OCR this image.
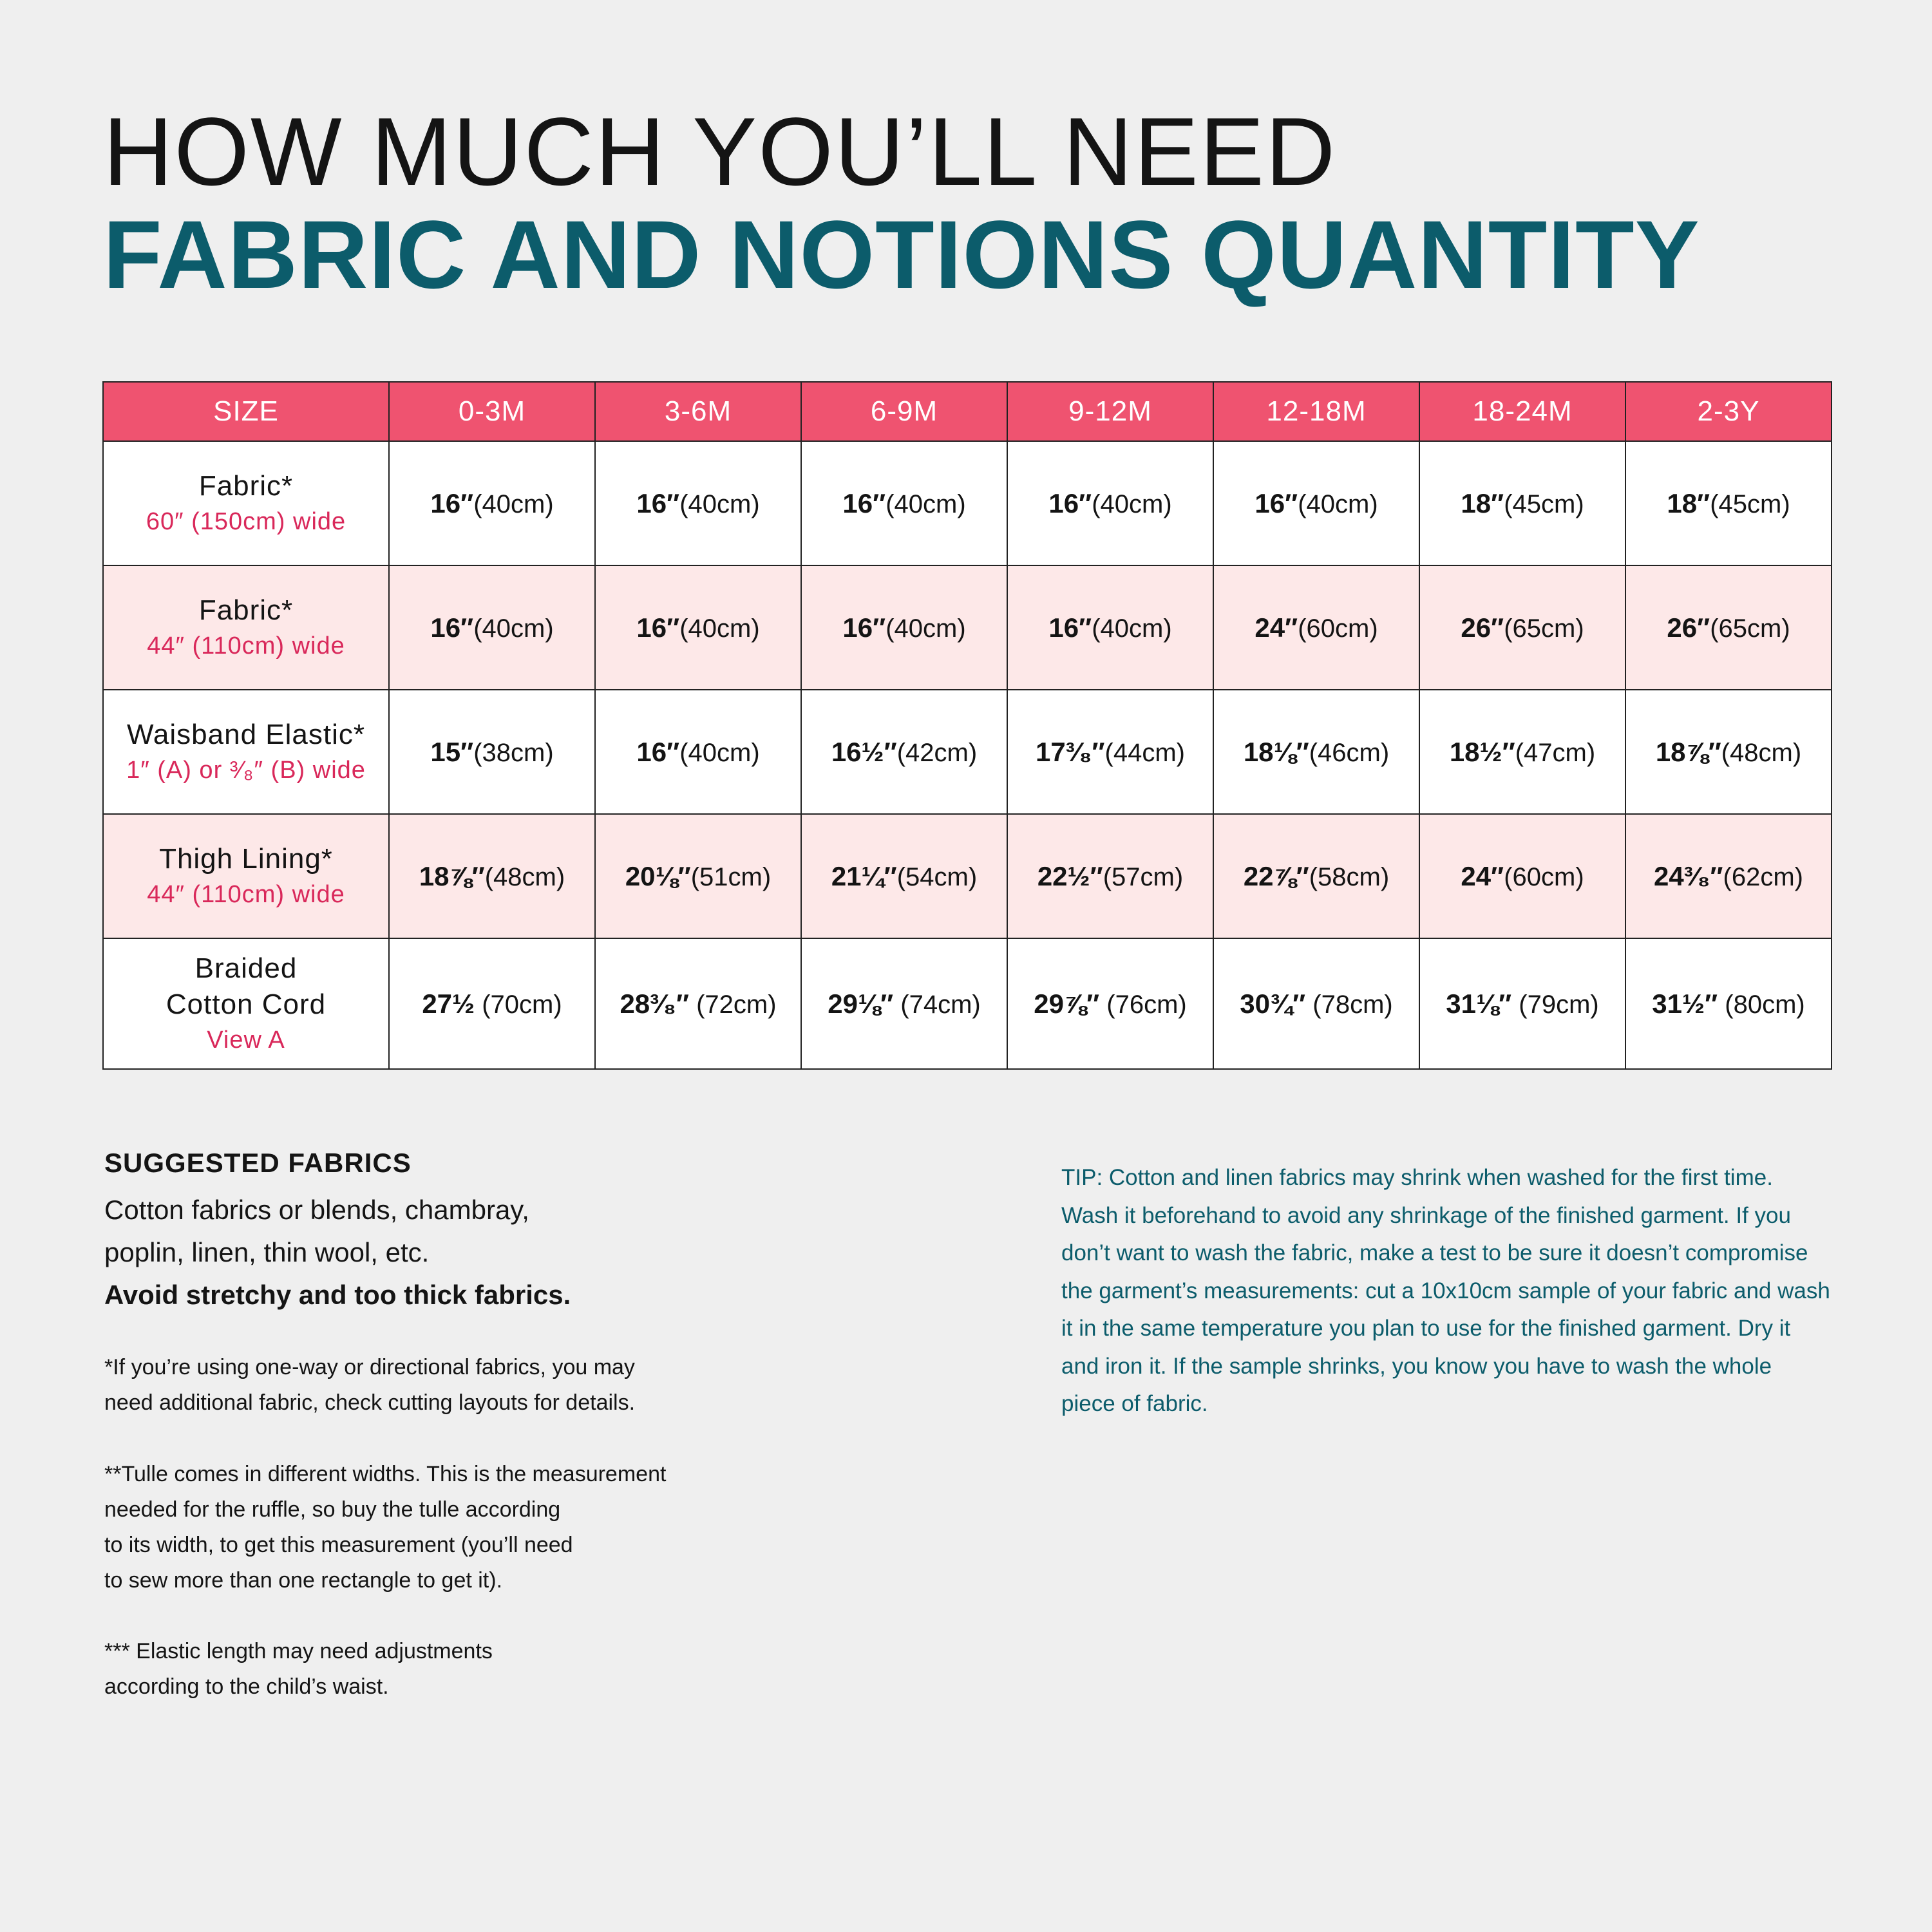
HOW MUCH YOU’LL NEED
FABRIC AND NOTIONS QUANTITY
SIZE	0-3M	3-6M	6-9M	9-12M	12-18M	18-24M	2-3Y

Fabric*
60″ (150cm) wide	16″(40cm)	16″(40cm)	16″(40cm)	16″(40cm)	16″(40cm)	18″(45cm)	18″(45cm)

Fabric*
44″ (110cm) wide	16″(40cm)	16″(40cm)	16″(40cm)	16″(40cm)	24″(60cm)	26″(65cm)	26″(65cm)

Waisband Elastic*
1″ (A) or ³⁄₈″ (B) wide	15″(38cm)	16″(40cm)	16½″(42cm)	17³⁄₈″(44cm)	18⅛″(46cm)	18½″(47cm)	18⅞″(48cm)

Thigh Lining*
44″ (110cm) wide	18⅞″(48cm)	20⅛″(51cm)	21¼″(54cm)	22½″(57cm)	22⅞″(58cm)	24″(60cm)	24³⁄₈″(62cm)

Braided
Cotton Cord
View A	27½ (70cm)	28³⁄₈″ (72cm)	29⅛″ (74cm)	29⅞″ (76cm)	30¾″ (78cm)	31⅛″ (79cm)	31½″ (80cm)

SUGGESTED FABRICS

Cotton fabrics or blends, chambray,

poplin, linen, thin wool, etc.

Avoid stretchy and too thick fabrics.

*If you’re using one-way or directional fabrics, you may
need additional fabric, check cutting layouts for details.

**Tulle comes in different widths. This is the measurement
needed for the ruffle, so buy the tulle according
to its width, to get this measurement (you’ll need
to sew more than one rectangle to get it).

*** Elastic length may need adjustments
according to the child’s waist.

TIP: Cotton and linen fabrics may shrink when washed for the first time. Wash it beforehand to avoid any shrinkage of the finished garment. If you don’t want to wash the fabric, make a test to be sure it doesn’t compromise the garment’s measurements: cut a 10x10cm sample of your fabric and wash it in the same temperature you plan to use for the finished garment. Dry it and iron it. If the sample shrinks, you know you have to wash the whole piece of fabric.
